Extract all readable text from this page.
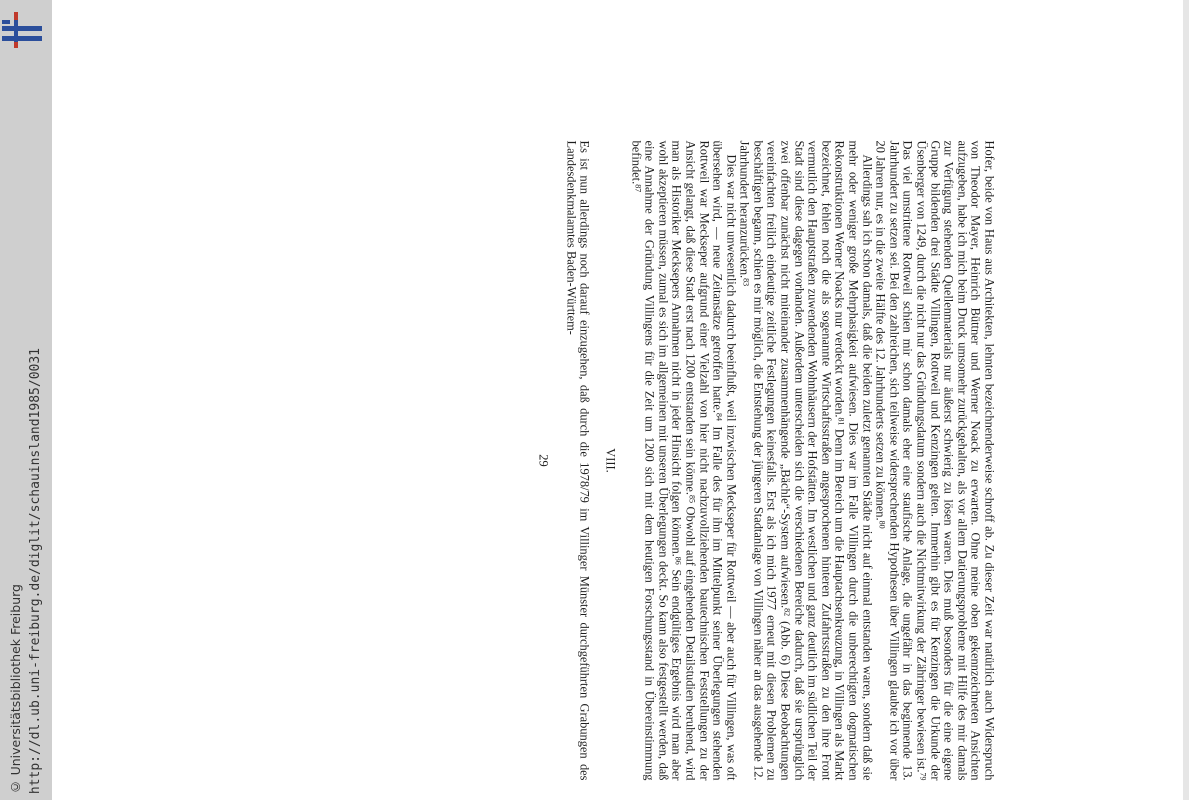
http://dl.ub.uni-freiburg.de/diglit/schauinsland1985/0031
© Universitätsbibliothek Freiburg	Hofer, beide von Haus aus Architekten, lehnten bezeichnenderweise schroff ab. Zu dieser Zeit war natürlich auch Widerspruch von Theodor Mayer, Heinrich Büttner und Werner Noack zu erwarten. Ohne meine oben gekennzeichneten Ansichten aufzugeben, habe ich mich beim Druck umsomehr zurückgehalten, als vor allem Datierungsprobleme mit Hilfe des mir damals zur Verfügung stehenden Quellenmaterials nur äußerst schwierig zu lösen waren. Dies muß besonders für die eine eigene Gruppe bildenden drei Städte Villingen, Rottweil und Kenzingen gelten. Immerhin gibt es für Kenzingen die Urkunde der Üsenberger von 1249, durch die nicht nur das Gründungsdatum sondern auch die Nichtmitwirkung der Zähringer bewiesen ist.$^{79}$ Das viel umstrittene Rottweil schien mir schon damals eher eine staufische Anlage, die ungefähr in das beginnende 13. Jahrhundert zu setzen sei. Bei den zahlreichen, sich teilweise widersprechenden Hypothesen über Villingen glaubte ich vor über 20 Jahren nur, es in die zweite Hälfte des 12. Jahrhunderts setzen zu können.$^{80}$

Allerdings sah ich schon damals, daß die beiden zuletzt genannten Städte nicht auf einmal entstanden waren, sondern daß sie mehr oder weniger große Mehrphasigkeit aufwiesen. Dies war im Falle Villingen durch die unberechtigten dogmatischen Rekonstruktionen Werner Noacks nur verdeckt worden.$^{81}$ Denn im Bereich um die Hauptachsenkreuzung, in Villingen als Markt bezeichnet, fehlen noch die als sogenannte Wirtschaftsstraßen angesprochenen hinteren Zufahrtsstraßen zu den ihre Front vermutlich den Hauptstraßen zuwendenden Wohnhäusern der Hofstätten. Im westlichen und ganz deutlich im südlichen Teil der Stadt sind diese dagegen vorhanden. Außerdem unterscheiden sich die verschiedenen Bereiche dadurch, daß sie ursprünglich zwei offenbar zunächst nicht miteinander zusammenhängende „Bächle“-System aufwiesen.$^{82}$ (Abb. 6) Diese Beobachtungen vereinfachten freilich eindeutige zeitliche Festlegungen keinesfalls. Erst als ich mich 1977 erneut mit diesen Problemen zu beschäftigen begann, schien es mir möglich, die Entstehung der jüngeren Stadtanlage von Villingen näher an das ausgehende 12. Jahrhundert heranzurücken.$^{83}$

Dies war nicht unwesentlich dadurch beeinflußt, weil inzwischen Meckseper für Rottweil — aber auch für Villingen, was oft übersehen wird, — neue Zeitansätze getroffen hatte.$^{84}$ Im Falle des für ihn im Mittelpunkt seiner Überlegungen stehenden Rottweil war Meckseper aufgrund einer Vielzahl von hier nicht nachzuvollziehenden bautechnischen Feststellungen zu der Ansicht gelangt, daß diese Stadt erst nach 1200 entstanden sein könne.$^{85}$ Obwohl auf eingehenden Detailstudien beruhend, wird man als Historiker Mecksepers Annahmen nicht in jeder Hinsicht folgen können.$^{86}$ Sein endgültiges Ergebnis wird man aber wohl akzeptieren müssen, zumal es sich im allgemeinen mit unseren Überlegungen deckt. So kann also festgestellt werden, daß eine Annahme der Gründung Villingens für die Zeit um 1200 sich mit dem heutigen Forschungsstand in Übereinstimmung befindet.$^{87}$

VIII.

Es ist nun allerdings noch darauf einzugehen, daß durch die 1978/79 im Villinger Münster durchgeführten Grabungen des Landesdenkmalamtes Baden-Württem-

29
